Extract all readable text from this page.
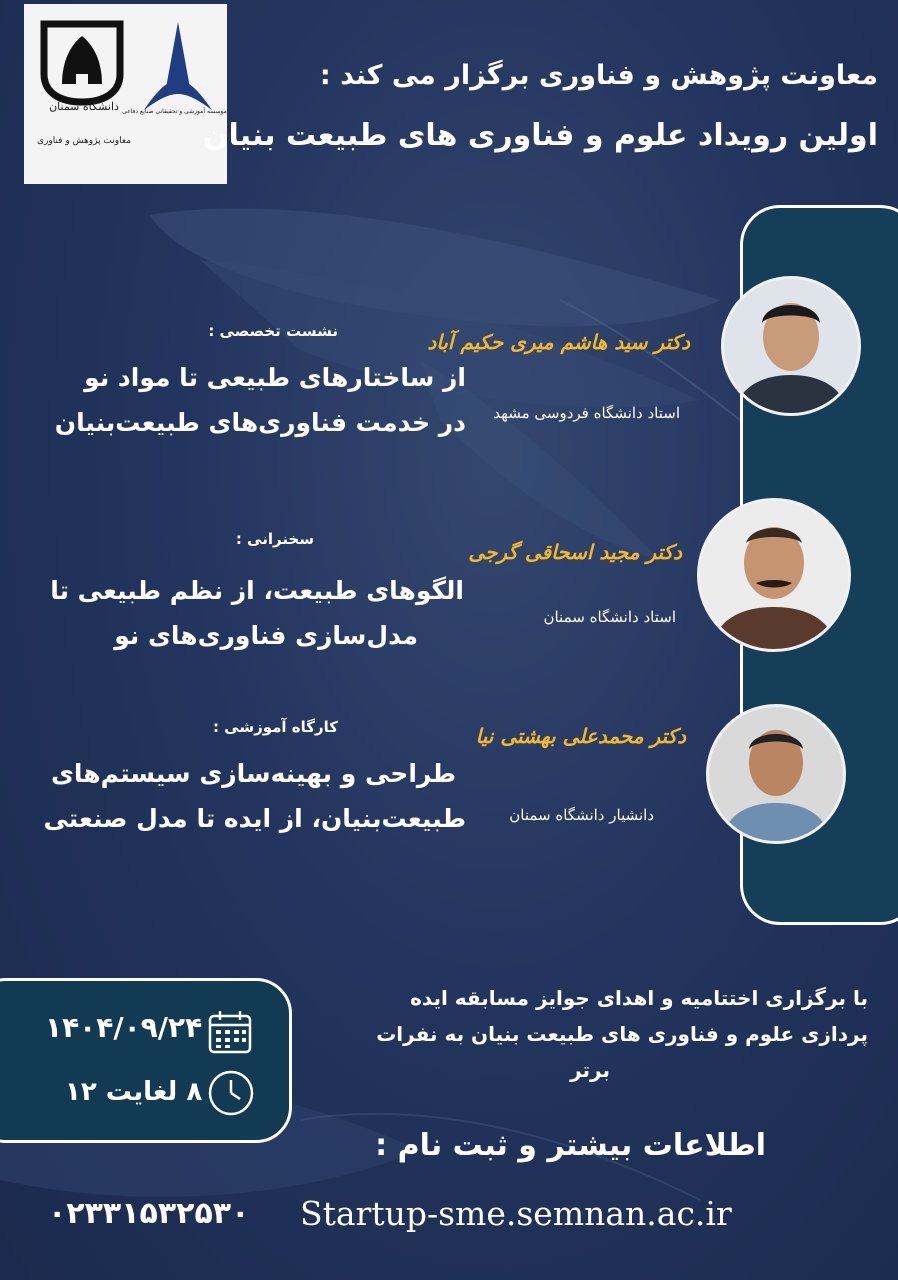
دانشگاه سمنان
معاونت پژوهش و فناوری
موسسه آموزشی و تحقیقاتی صنایع دفاعی
معاونت پژوهش و فناوری برگزار می کند :
اولین رویداد علوم و فناوری های طبیعت بنیان
دکتر سید هاشم میری حکیم آباد
استاد دانشگاه فردوسی مشهد
نشست تخصصی :
از ساختارهای طبیعی تا مواد نو
در خدمت فناوری‌های طبیعت‌بنیان
دکتر مجید اسحاقی گرجی
استاد دانشگاه سمنان
سخنرانی :
الگوهای طبیعت، از نظم طبیعی تا
مدل‌سازی فناوری‌های نو
دکتر محمدعلی بهشتی نیا
دانشیار دانشگاه سمنان
کارگاه آموزشی :
طراحی و بهینه‌سازی سیستم‌های
طبیعت‌بنیان، از ایده تا مدل صنعتی
۱۴۰۴/۰۹/۲۴
۸ لغایت ۱۲
با برگزاری اختتامیه و اهدای جوایز مسابقه ایده
پردازی علوم و فناوری های طبیعت بنیان به نفرات
برتر
اطلاعات بیشتر و ثبت نام :
۰۲۳۳۱۵۳۲۵۳۰ Startup-sme.semnan.ac.ir
